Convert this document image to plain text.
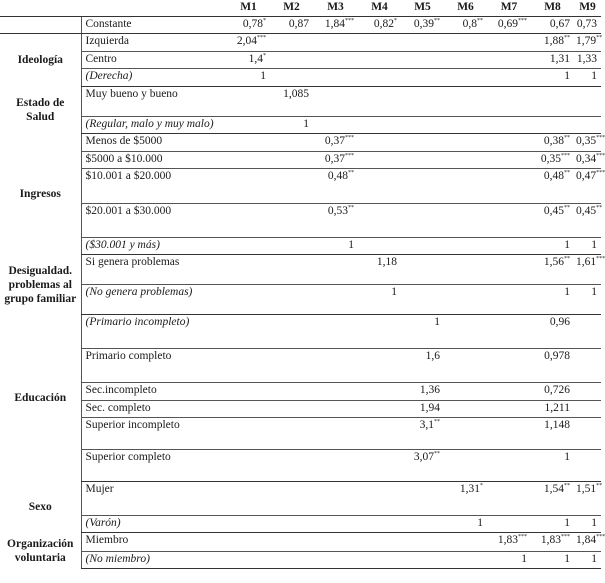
		M1	M2	M3	M4	M5	M6	M7	M8	M9	
	Constante	0,78*	0,87	1,84***	0,82*	0,39**	0,8**	0,69***	0,67	0,73	
Ideología	Izquierda	2,04***							1,88**	1,79**	
	Centro	1,4*							1,31	1,33	
	(Derecha)	1							1	1	
Estado de Salud	Muy bueno y bueno		1,085								
	(Regular, malo y muy malo)		1								
Ingresos	Menos de $5000			0,37***					0,38**	0,35***	
	$5000 a $10.000			0,37***					0,35***	0,34***	
	$10.001 a $20.000			0,48**					0,48**	0,47***	
	$20.001 a $30.000			0,53**					0,45**	0,45**	
	($30.001 y más)			1					1	1	
Desigualdad. problemas al grupo familiar	Si genera problemas				1,18				1,56**	1,61***	
	(No genera problemas)				1				1	1	
Educación	(Primario incompleto)					1			0,96		
	Primario completo					1,6			0,978		
	Sec.incompleto					1,36			0,726		
	Sec. completo					1,94			1,211		
	Superior incompleto					3,1**			1,148		
	Superior completo					3,07**			1		
Sexo	Mujer						1,31*		1,54**	1,51**	
	(Varón)						1		1	1	
Organización voluntaria	Miembro							1,83***	1,83***	1,84***	
	(No miembro)							1	1	1	
